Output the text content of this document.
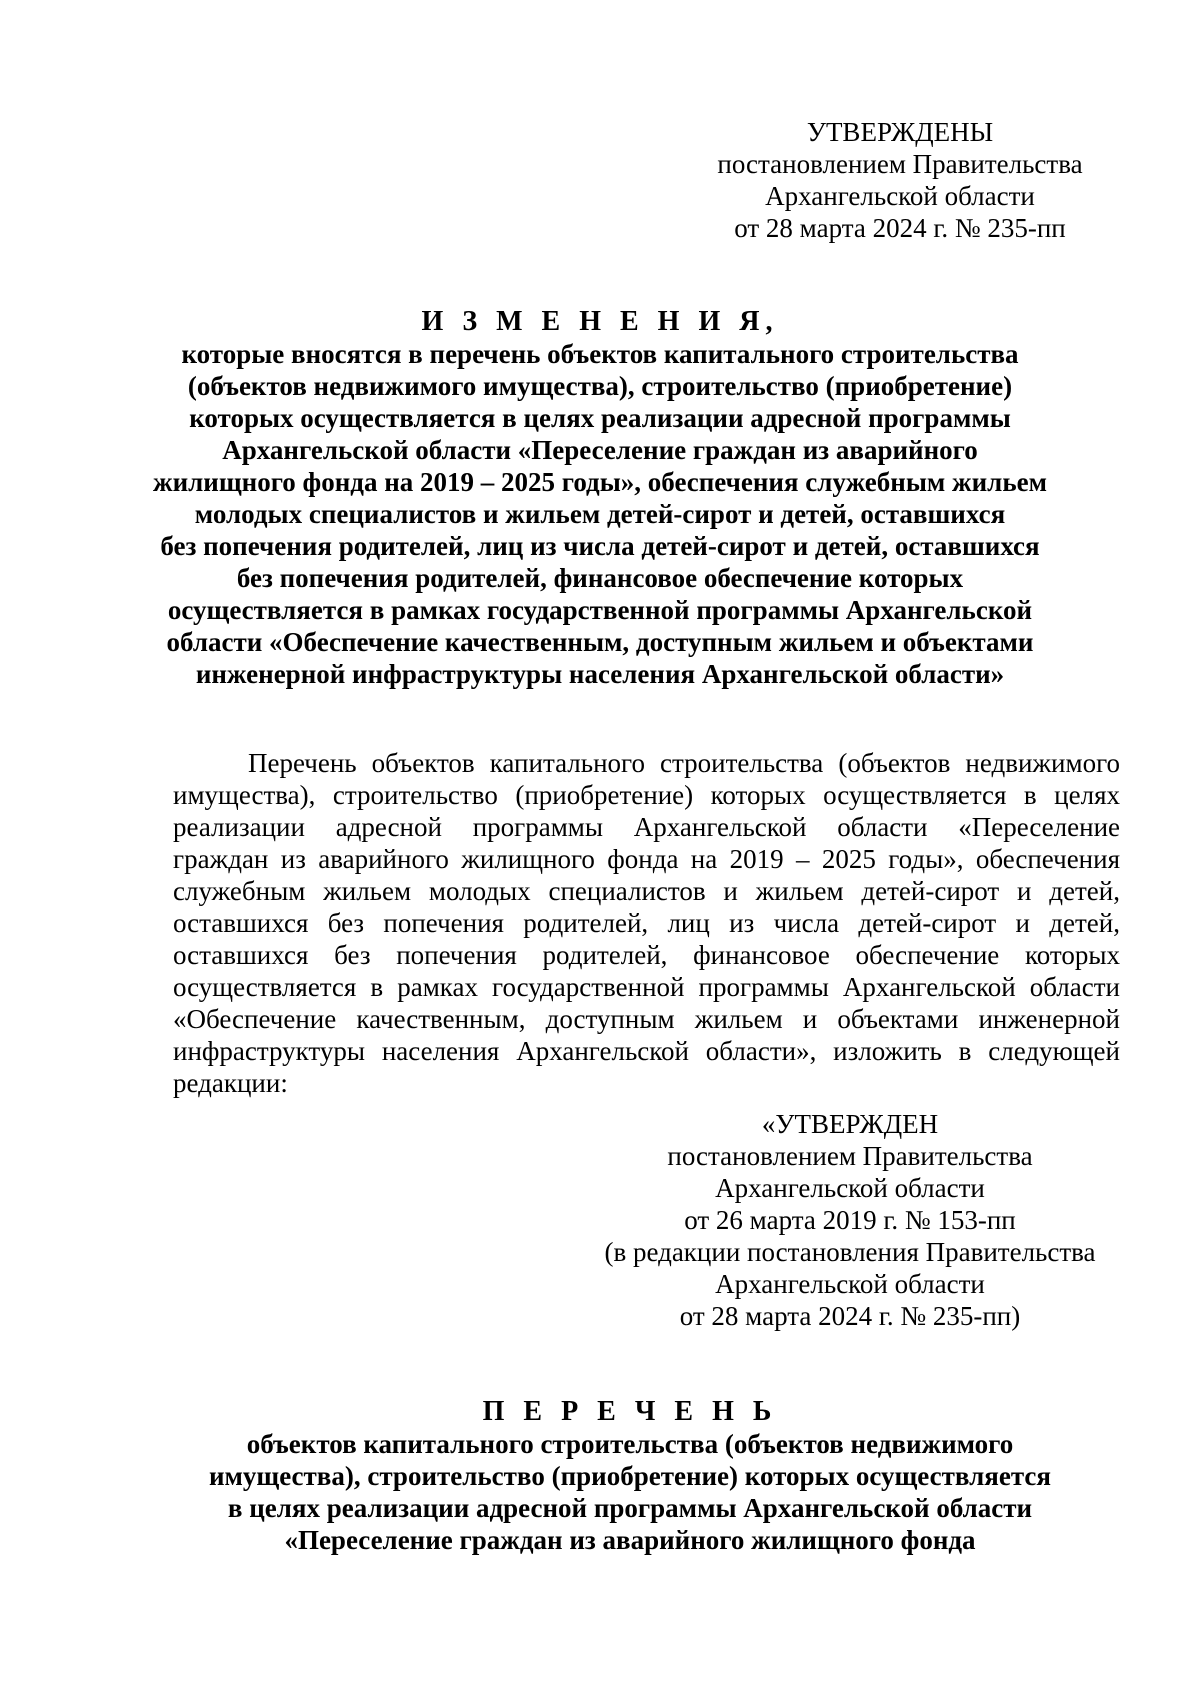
УТВЕРЖДЕНЫ
постановлением Правительства
Архангельской области
от 28 марта 2024 г. № 235-пп
И З М Е Н Е Н И Я,
которые вносятся в перечень объектов капитального строительства
(объектов недвижимого имущества), строительство (приобретение)
которых осуществляется в целях реализации адресной программы
Архангельской области «Переселение граждан из аварийного
жилищного фонда на 2019 – 2025 годы», обеспечения служебным жильем
молодых специалистов и жильем детей-сирот и детей, оставшихся
без попечения родителей, лиц из числа детей-сирот и детей, оставшихся
без попечения родителей, финансовое обеспечение которых
осуществляется в рамках государственной программы Архангельской
области «Обеспечение качественным, доступным жильем и объектами
инженерной инфраструктуры населения Архангельской области»
Перечень объектов капитального строительства (объектов недвижимого
имущества), строительство (приобретение) которых осуществляется в целях
реализации адресной программы Архангельской области «Переселение
граждан из аварийного жилищного фонда на 2019 – 2025 годы», обеспечения
служебным жильем молодых специалистов и жильем детей-сирот и детей,
оставшихся без попечения родителей, лиц из числа детей-сирот и детей,
оставшихся без попечения родителей, финансовое обеспечение которых
осуществляется в рамках государственной программы Архангельской области
«Обеспечение качественным, доступным жильем и объектами инженерной
инфраструктуры населения Архангельской области», изложить в следующей
редакции:
«УТВЕРЖДЕН
постановлением Правительства
Архангельской области
от 26 марта 2019 г. № 153-пп
(в редакции постановления Правительства
Архангельской области
от 28 марта 2024 г. № 235-пп)
П Е Р Е Ч Е Н Ь
объектов капитального строительства (объектов недвижимого
имущества), строительство (приобретение) которых осуществляется
в целях реализации адресной программы Архангельской области
«Переселение граждан из аварийного жилищного фонда
